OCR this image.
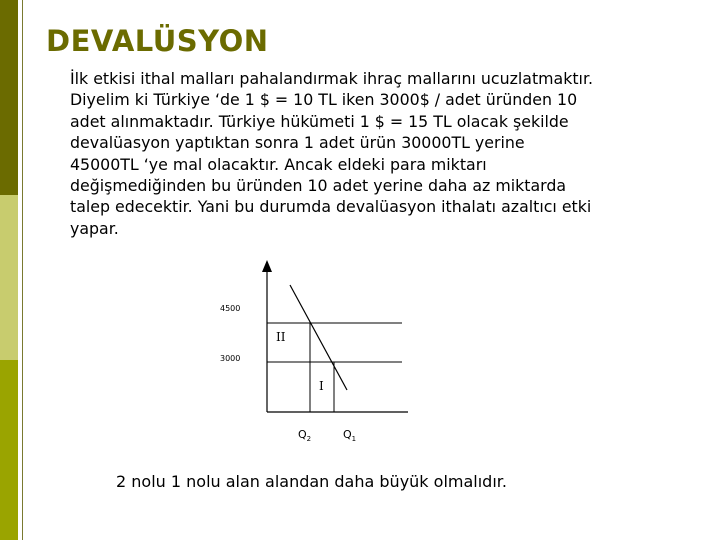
DEVALÜSYON

İlk etkisi ithal malları pahalandırmak ihraç mallarını ucuzlatmaktır.

Diyelim ki Türkiye ‘de 1 $ = 10 TL iken 3000$ / adet üründen 10
adet alınmaktadır. Türkiye hükümeti 1 $ = 15 TL olacak şekilde
devalüasyon yaptıktan sonra 1 adet ürün 30000TL yerine
45000TL ‘ye mal olacaktır. Ancak eldeki para miktarı
değişmediğinden bu üründen 10 adet yerine daha az miktarda
talep edecektir. Yani bu durumda devalüasyon ithalatı azaltıcı etki
yapar.

4500
3000
II
I
$Q_2$	$Q_1$

2 nolu 1 nolu alan alandan daha büyük olmalıdır.
